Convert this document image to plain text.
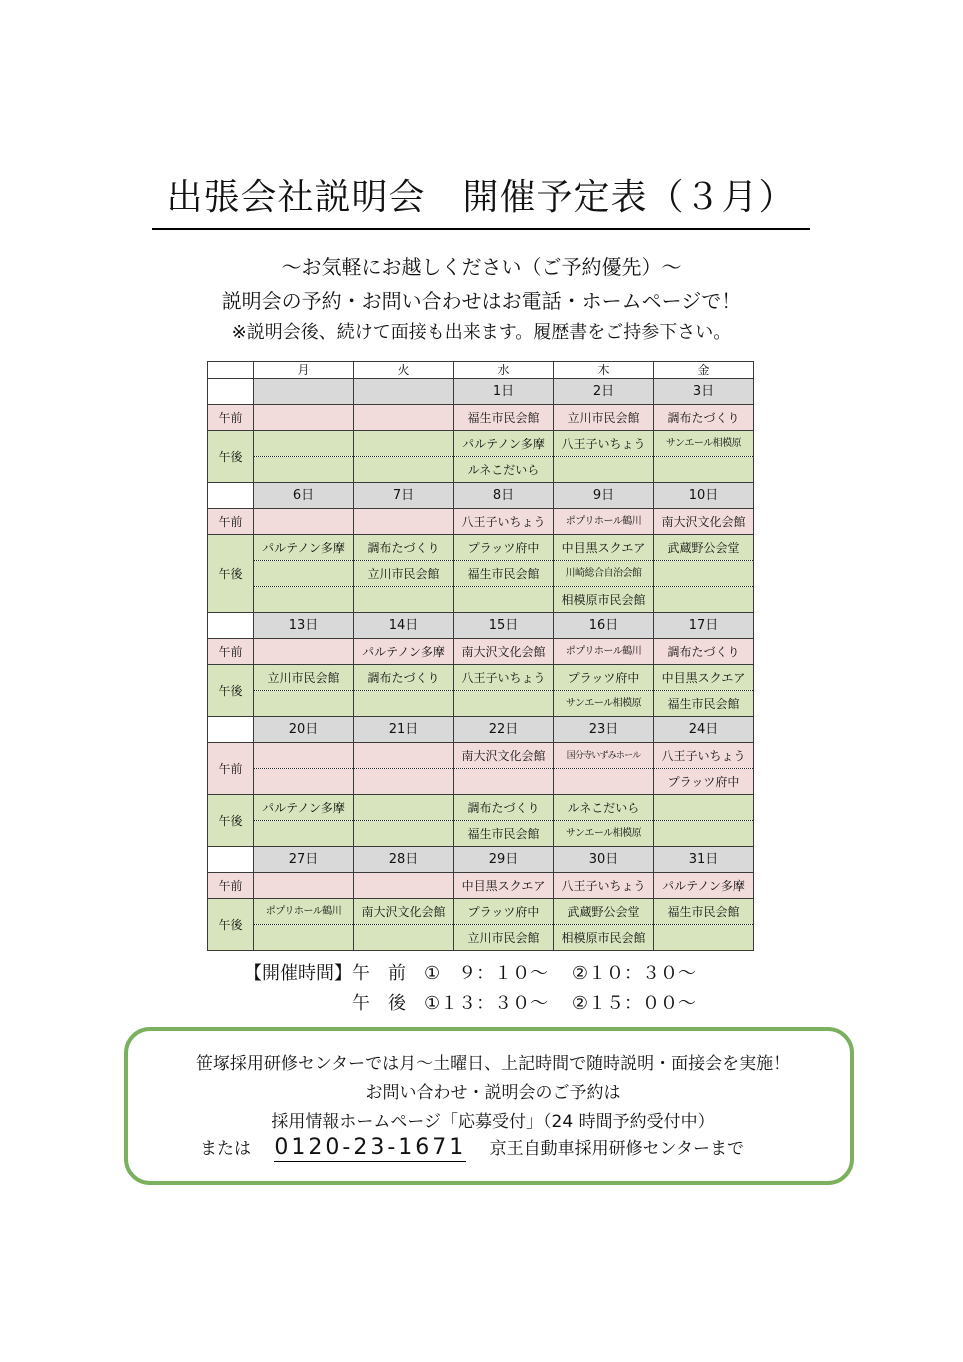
出張会社説明会　開催予定表（３月）
～お気軽にお越しください（ご予約優先）～
説明会の予約・お問い合わせはお電話・ホームページで！
※説明会後、続けて面接も出来ます。履歴書をご持参下さい。
	月	火	水	木	金
			1日	2日	3日
午前			福生市民会館	立川市民会館	調布たづくり
午後			パルテノン多摩	八王子いちょう	サンエール相模原
			ルネこだいら		
	6日	7日	8日	9日	10日
午前			八王子いちょう	ポプリホール鶴川	南大沢文化会館
午後	パルテノン多摩	調布たづくり	プラッツ府中	中目黒スクエア	武蔵野公会堂
		立川市民会館	福生市民会館	川崎総合自治会館	
				相模原市民会館	
	13日	14日	15日	16日	17日
午前		パルテノン多摩	南大沢文化会館	ポプリホール鶴川	調布たづくり
午後	立川市民会館	調布たづくり	八王子いちょう	プラッツ府中	中目黒スクエア
				サンエール相模原	福生市民会館
	20日	21日	22日	23日	24日
午前			南大沢文化会館	国分寺いずみホール	八王子いちょう
					プラッツ府中
午後	パルテノン多摩		調布たづくり	ルネこだいら	
			福生市民会館	サンエール相模原	
	27日	28日	29日	30日	31日
午前			中目黒スクエア	八王子いちょう	パルテノン多摩
午後	ポプリホール鶴川	南大沢文化会館	プラッツ府中	武蔵野公会堂	福生市民会館
			立川市民会館	相模原市民会館	
【開催時間】午　前　①　９：１０～　 ②１０：３０～
　　　　　　午　後　①１３：３０～　 ②１５：００～
笹塚採用研修センターでは月～土曜日、上記時間で随時説明・面接会を実施！
お問い合わせ・説明会のご予約は
採用情報ホームページ「応募受付」（24 時間予約受付中）
または 0120-23-1671 京王自動車採用研修センターまで
